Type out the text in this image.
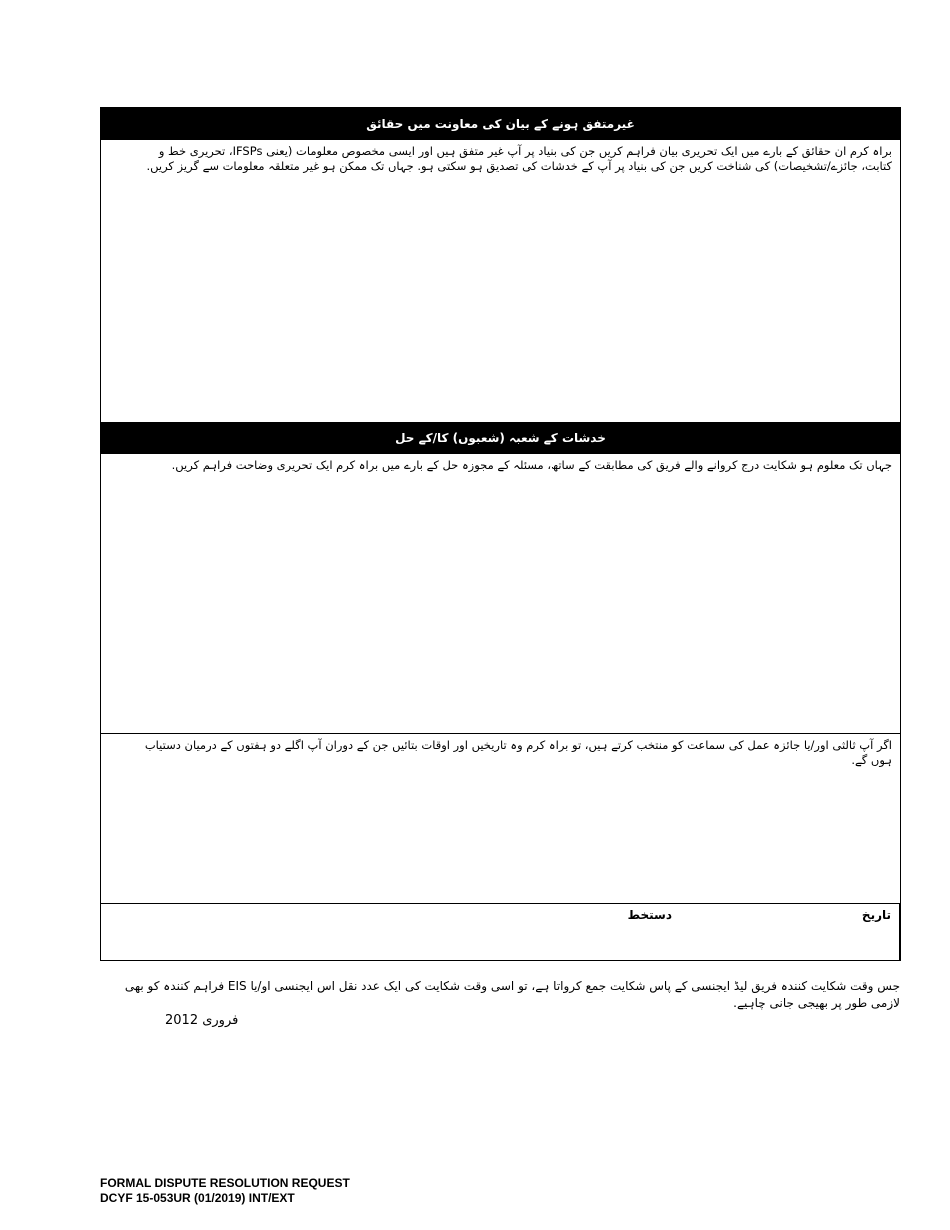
غیرمتفق ہونے کے بیان کی معاونت میں حقائق
براہ کرم ان حقائق کے بارے میں ایک تحریری بیان فراہم کریں جن کی بنیاد پر آپ غیر متفق ہیں اور ایسی مخصوص معلومات (یعنی IFSPs، تحریری خط و کتابت، جائزے/تشخیصات) کی شناخت کریں جن کی بنیاد پر آپ کے خدشات کی تصدیق ہو سکتی ہو. جہاں تک ممکن ہو غیر متعلقہ معلومات سے گریز کریں.
خدشات کے شعبہ (شعبوں) کا/کے حل
جہاں تک معلوم ہو شکایت درج کروانے والے فریق کی مطابقت کے ساتھ، مسئلہ کے مجوزہ حل کے بارے میں براہ کرم ایک تحریری وضاحت فراہم کریں.
اگر آپ ثالثی اور/یا جائزہ عمل کی سماعت کو منتخب کرتے ہیں، تو براہ کرم وہ تاریخیں اور اوقات بتائیں جن کے دوران آپ اگلے دو ہفتوں کے درمیان دستیاب ہوں گے.
دستخط	تاریخ
جس وقت شکایت کنندہ فریق لیڈ ایجنسی کے پاس شکایت جمع کرواتا ہے، تو اسی وقت شکایت کی ایک عدد نقل اس ایجنسی او/یا EIS فراہم کنندہ کو بھی لازمی طور پر بھیجی جانی چاہیے.
فروری 2012
FORMAL DISPUTE RESOLUTION REQUEST
DCYF 15-053UR (01/2019) INT/EXT
